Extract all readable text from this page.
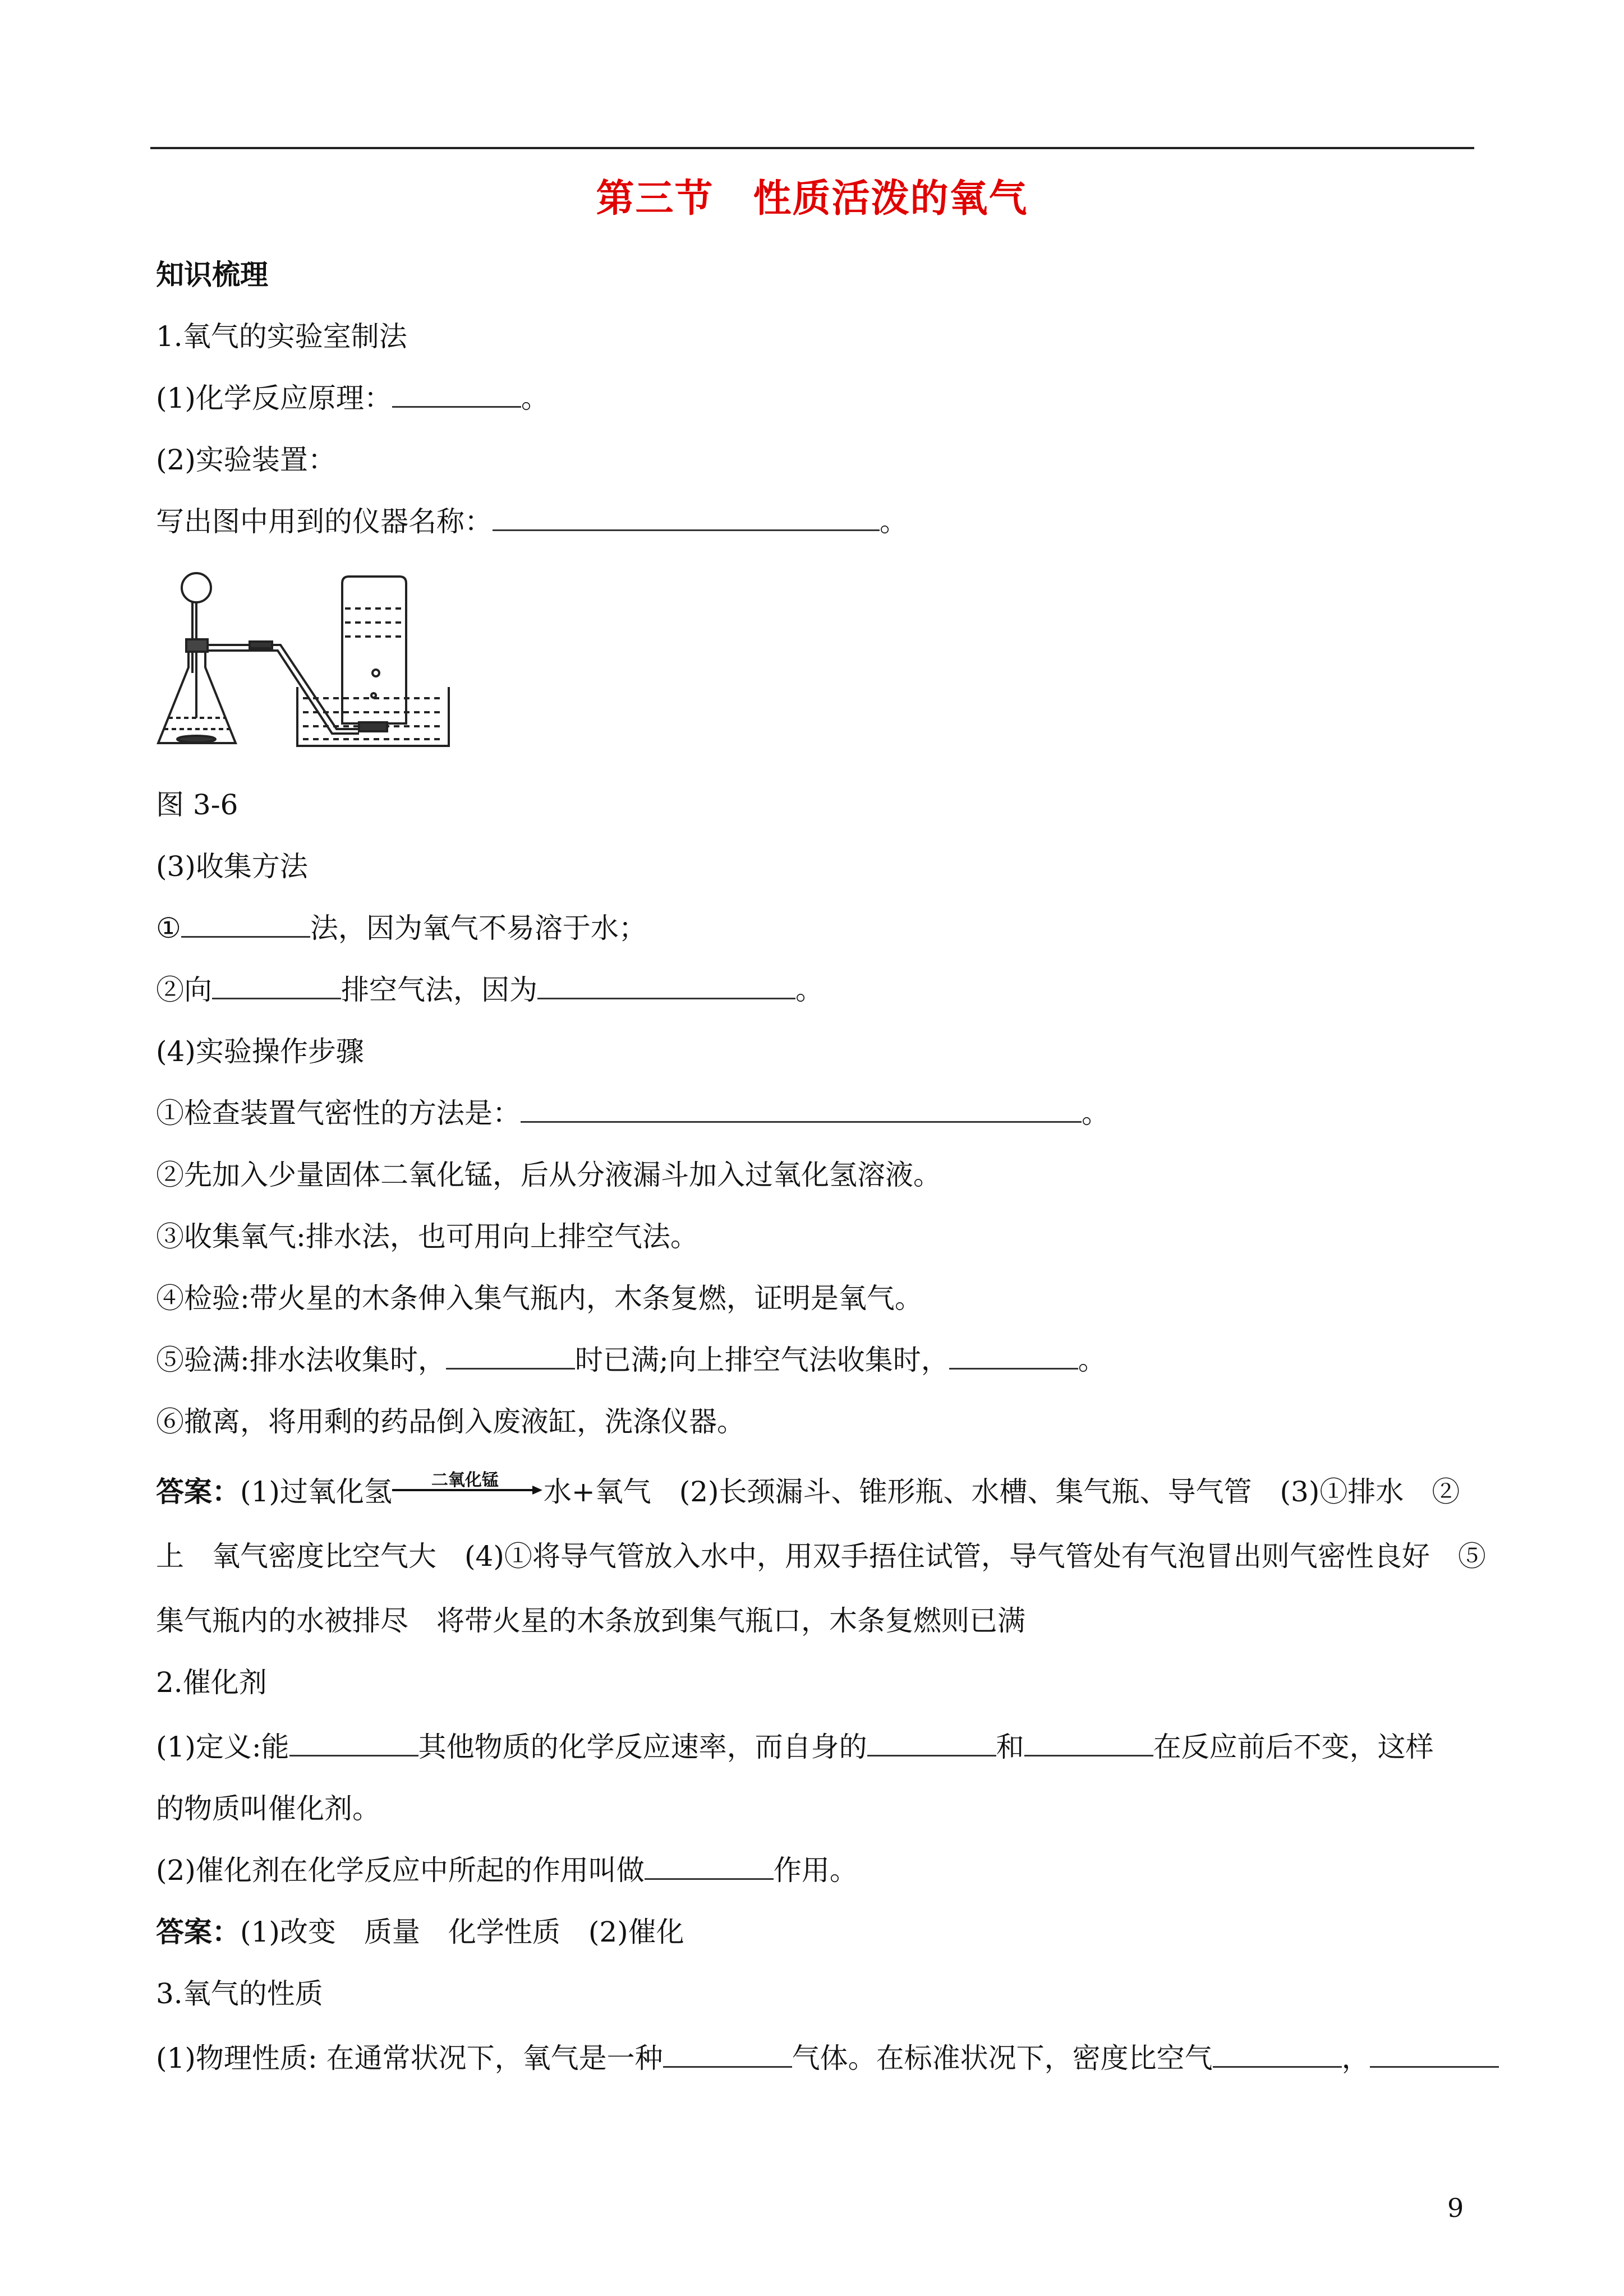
第三节　性质活泼的氧气
知识梳理
1.氧气的实验室制法
(1)化学反应原理：	。
(2)实验装置：
写出图中用到的仪器名称：	。
图 3-6
(3)收集方法
①	法，因为氧气不易溶于水；
②向	排空气法，因为	。
(4)实验操作步骤
①检查装置气密性的方法是：	。
②先加入少量固体二氧化锰，后从分液漏斗加入过氧化氢溶液。
③收集氧气:排水法，也可用向上排空气法。
④检验:带火星的木条伸入集气瓶内，木条复燃，证明是氧气。
⑤验满:排水法收集时，	时已满;向上排空气法收集时，	。
⑥撤离，将用剩的药品倒入废液缸，洗涤仪器。
答案：(1)过氧化氢	二氧化锰	水+氧气　(2)长颈漏斗、锥形瓶、水槽、集气瓶、导气管　(3)①排水　②
上　氧气密度比空气大　(4)①将导气管放入水中，用双手捂住试管，导气管处有气泡冒出则气密性良好　⑤
集气瓶内的水被排尽　将带火星的木条放到集气瓶口，木条复燃则已满
2.催化剂
(1)定义:能	其他物质的化学反应速率，而自身的	和	在反应前后不变，这样
的物质叫催化剂。
(2)催化剂在化学反应中所起的作用叫做	作用。
答案：(1)改变　质量　化学性质　(2)催化
3.氧气的性质
(1)物理性质: 在通常状况下，氧气是一种	气体。在标准状况下，密度比空气	，
9
